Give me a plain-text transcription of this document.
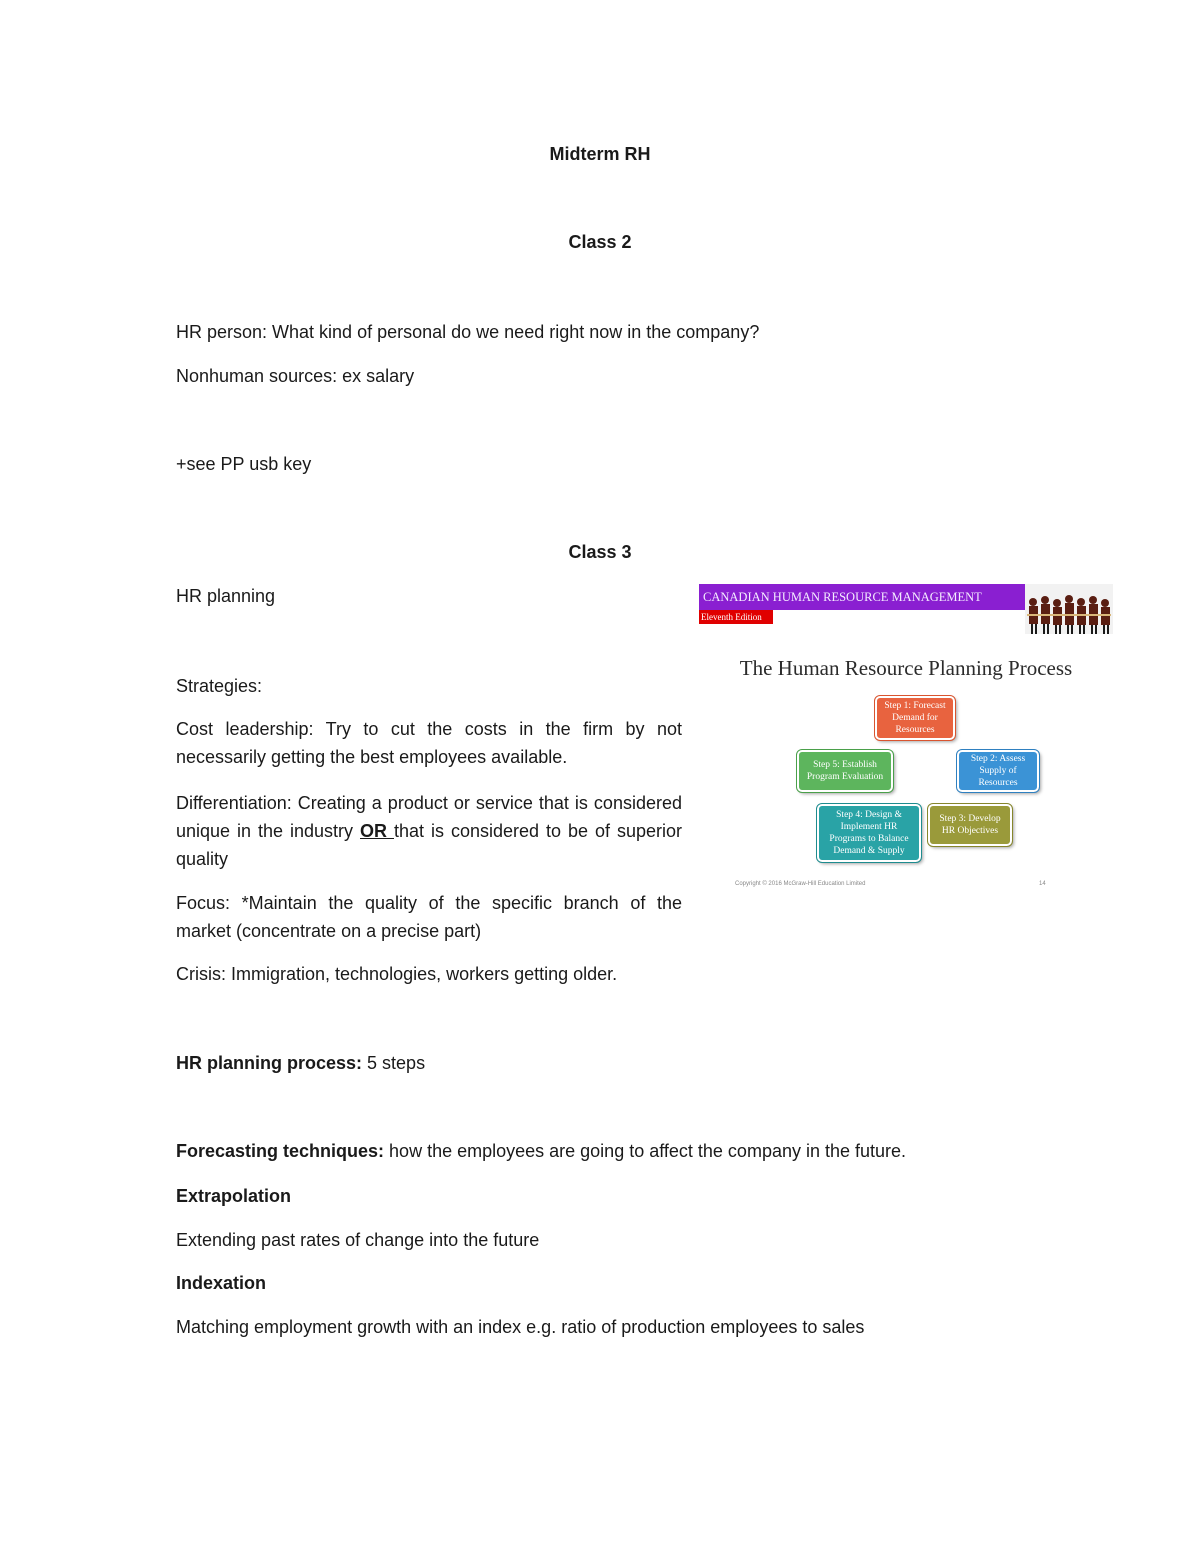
Midterm RH
Class 2
HR person: What kind of personal do we need right now in the company?
Nonhuman sources: ex salary
+see PP usb key
Class 3
HR planning
Strategies:
Cost leadership: Try to cut the costs in the firm by not necessarily getting the best employees available.
Differentiation: Creating a product or service that is considered unique in the industry OR that is considered to be of superior quality
Focus: *Maintain the quality of the specific branch of the market (concentrate on a precise part)
Crisis: Immigration, technologies, workers getting older.
HR planning process: 5 steps
Forecasting techniques: how the employees are going to affect the company in the future.
Extrapolation
Extending past rates of change into the future
Indexation
Matching employment growth with an index e.g. ratio of production employees to sales
CANADIAN HUMAN RESOURCE MANAGEMENT
Eleventh Edition
The Human Resource Planning Process
Step 1: Forecast Demand for Resources
Step 2: Assess Supply of Resources
Step 3: Develop HR Objectives
Step 4: Design & Implement HR Programs to Balance Demand & Supply
Step 5: Establish Program Evaluation
Copyright © 2016 McGraw-Hill Education Limited	14
